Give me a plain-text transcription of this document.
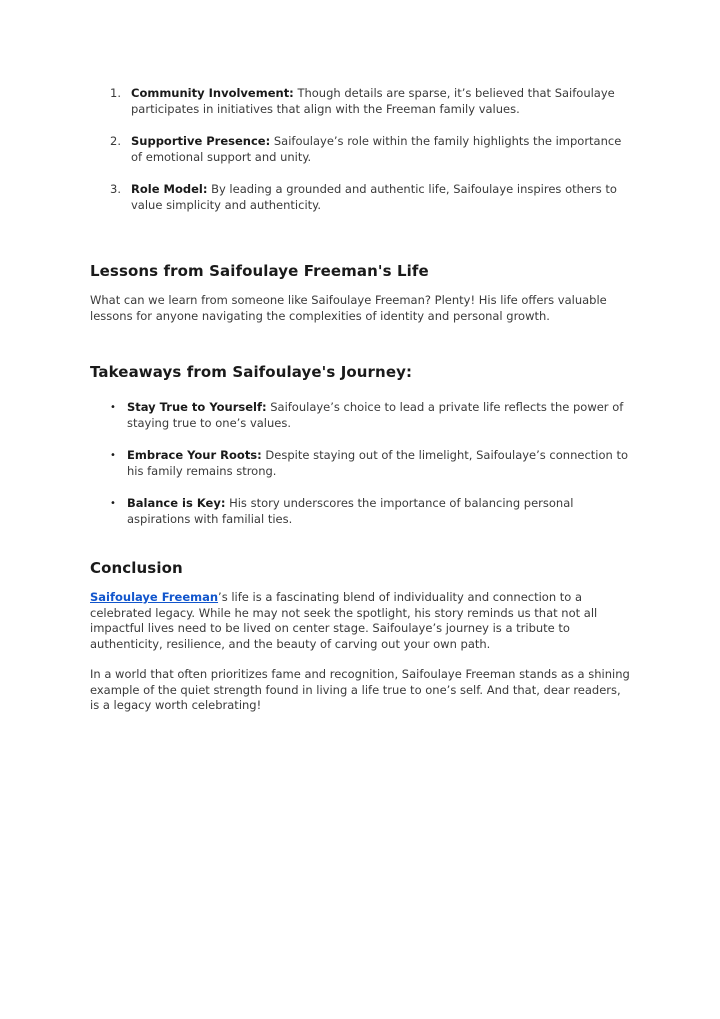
1. Community Involvement: Though details are sparse, it’s believed that Saifoulaye participates in initiatives that align with the Freeman family values.
2. Supportive Presence: Saifoulaye’s role within the family highlights the importance of emotional support and unity.
3. Role Model: By leading a grounded and authentic life, Saifoulaye inspires others to value simplicity and authenticity.
Lessons from Saifoulaye Freeman's Life

What can we learn from someone like Saifoulaye Freeman? Plenty! His life offers valuable lessons for anyone navigating the complexities of identity and personal growth.

Takeaways from Saifoulaye's Journey:
• Stay True to Yourself: Saifoulaye’s choice to lead a private life reflects the power of staying true to one’s values.
• Embrace Your Roots: Despite staying out of the limelight, Saifoulaye’s connection to his family remains strong.
• Balance is Key: His story underscores the importance of balancing personal aspirations with familial ties.
Conclusion

Saifoulaye Freeman’s life is a fascinating blend of individuality and connection to a celebrated legacy. While he may not seek the spotlight, his story reminds us that not all impactful lives need to be lived on center stage. Saifoulaye’s journey is a tribute to authenticity, resilience, and the beauty of carving out your own path.

In a world that often prioritizes fame and recognition, Saifoulaye Freeman stands as a shining example of the quiet strength found in living a life true to one’s self. And that, dear readers, is a legacy worth celebrating!
